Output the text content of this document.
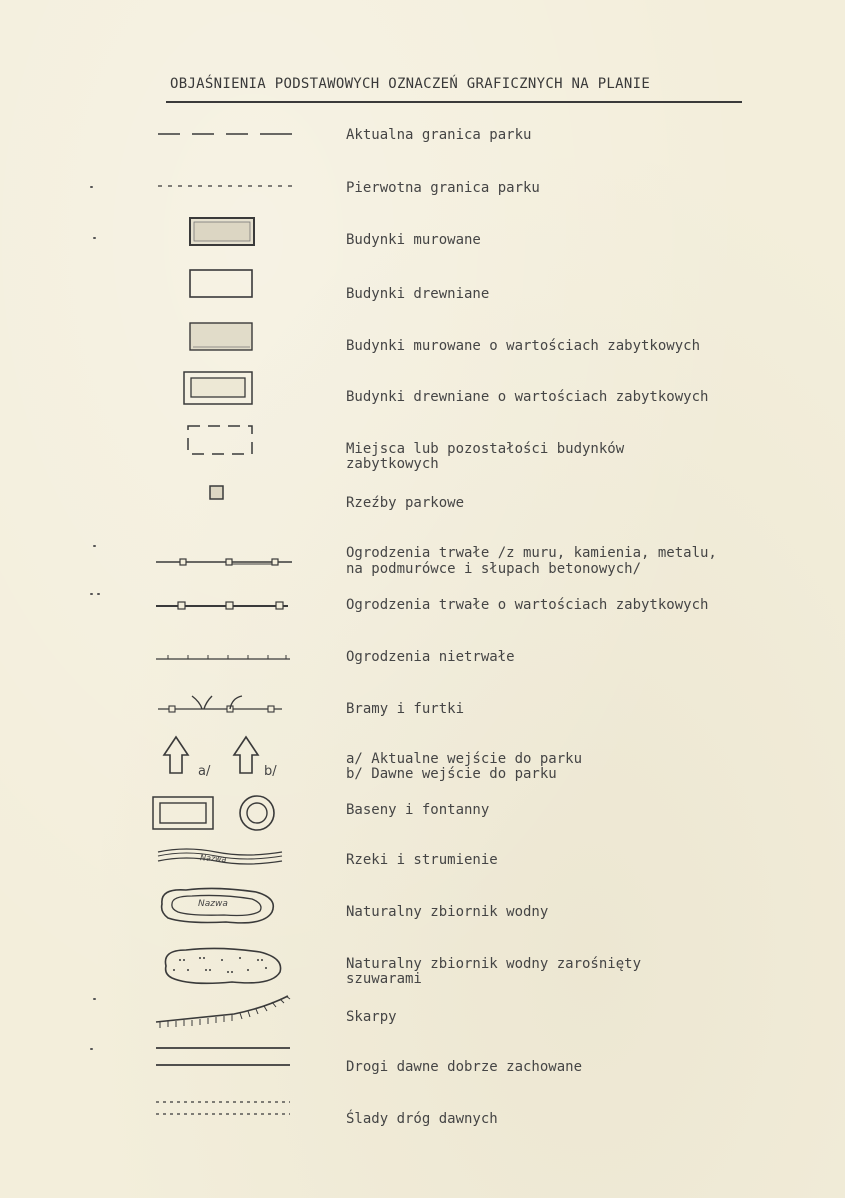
OBJAŚNIENIA PODSTAWOWYCH OZNACZEŃ GRAFICZNYCH NA PLANIE
Aktualna granica parku
Pierwotna granica parku
Budynki murowane
Budynki drewniane
Budynki murowane o wartościach zabytkowych
Budynki drewniane o wartościach zabytkowych
Miejsca lub pozostałości budynków
zabytkowych
Rzeźby parkowe
Ogrodzenia trwałe /z muru, kamienia, metalu,
na podmurówce i słupach betonowych/
Ogrodzenia trwałe o wartościach zabytkowych
Ogrodzenia nietrwałe
Bramy i furtki
a/	b/
a/ Aktualne wejście do parku
b/ Dawne wejście do parku
Baseny i fontanny
Nazwa	Rzeki i strumienie
Nazwa	Naturalny zbiornik wodny
Naturalny zbiornik wodny zarośnięty
szuwarami
Skarpy
Drogi dawne dobrze zachowane
Ślady dróg dawnych
